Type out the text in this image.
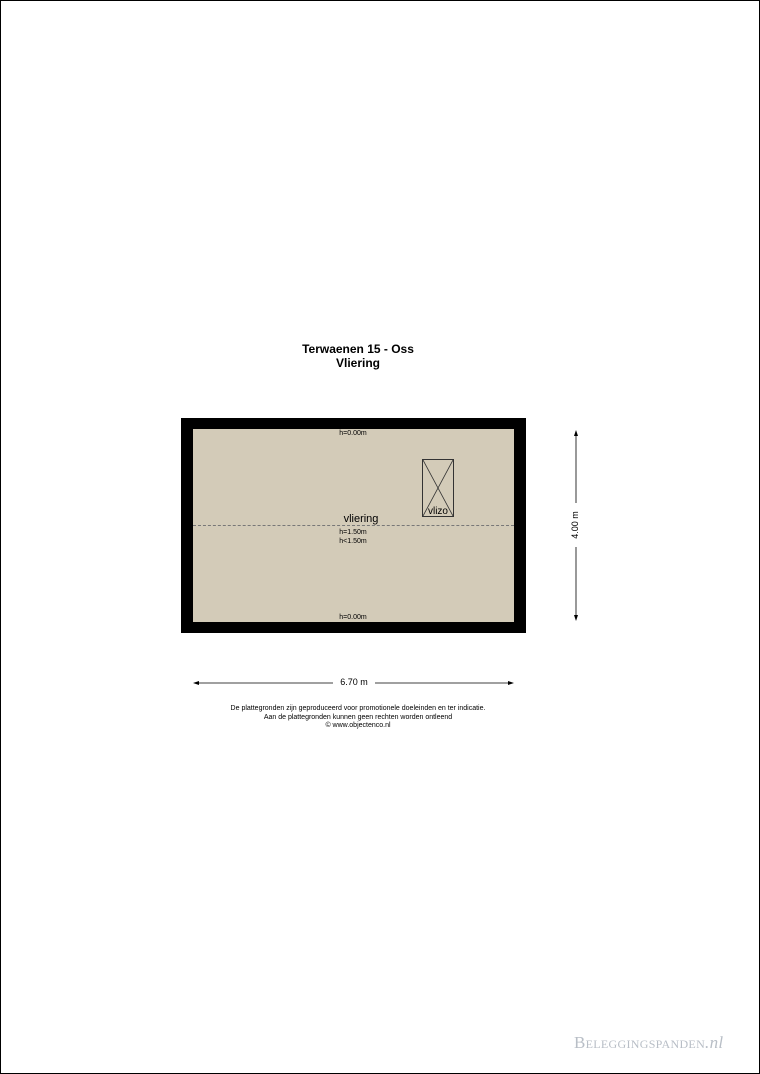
Terwaenen 15 - Oss
Vliering
h=0.00m
vlizo
vliering
h=1.50m
h<1.50m
h=0.00m
4.00 m
6.70 m
De plattegronden zijn geproduceerd voor promotionele doeleinden en ter indicatie.
Aan de plattegronden kunnen geen rechten worden ontleend
© www.objectenco.nl
Beleggingspanden.nl
